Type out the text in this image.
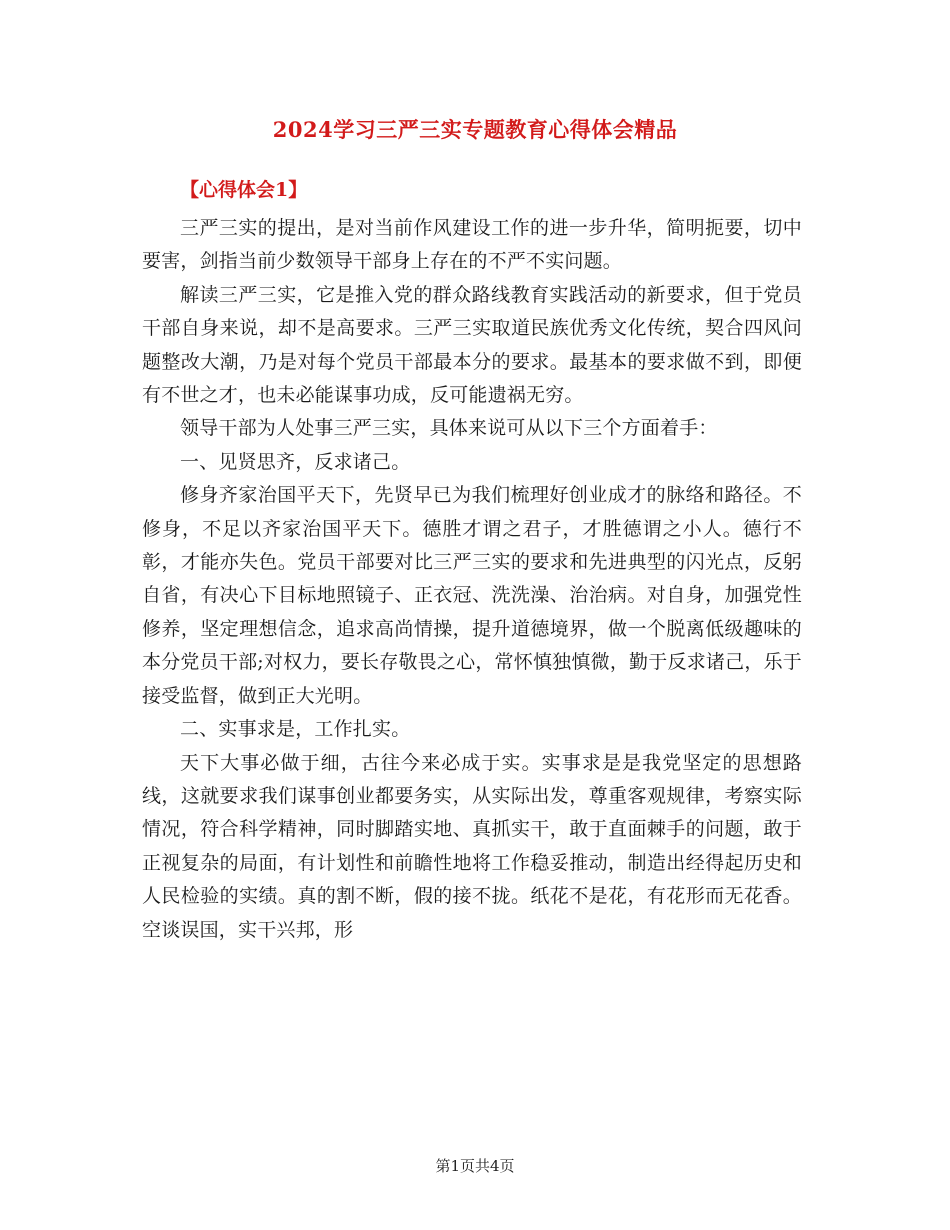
2024学习三严三实专题教育心得体会精品

【心得体会1】

三严三实的提出，是对当前作风建设工作的进一步升华，简明扼要，切中要害，剑指当前少数领导干部身上存在的不严不实问题。

解读三严三实，它是推入党的群众路线教育实践活动的新要求，但于党员干部自身来说，却不是高要求。三严三实取道民族优秀文化传统，契合四风问题整改大潮，乃是对每个党员干部最本分的要求。最基本的要求做不到，即便有不世之才，也未必能谋事功成，反可能遗祸无穷。

领导干部为人处事三严三实，具体来说可从以下三个方面着手：

一、见贤思齐，反求诸己。

修身齐家治国平天下，先贤早已为我们梳理好创业成才的脉络和路径。不修身，不足以齐家治国平天下。德胜才谓之君子，才胜德谓之小人。德行不彰，才能亦失色。党员干部要对比三严三实的要求和先进典型的闪光点，反躬自省，有决心下目标地照镜子、正衣冠、洗洗澡、治治病。对自身，加强党性修养，坚定理想信念，追求高尚情操，提升道德境界，做一个脱离低级趣味的本分党员干部;对权力，要长存敬畏之心，常怀慎独慎微，勤于反求诸己，乐于接受监督，做到正大光明。

二、实事求是，工作扎实。

天下大事必做于细，古往今来必成于实。实事求是是我党坚定的思想路线，这就要求我们谋事创业都要务实，从实际出发，尊重客观规律，考察实际情况，符合科学精神，同时脚踏实地、真抓实干，敢于直面棘手的问题，敢于正视复杂的局面，有计划性和前瞻性地将工作稳妥推动，制造出经得起历史和人民检验的实绩。真的割不断，假的接不拢。纸花不是花，有花形而无花香。空谈误国，实干兴邦，形

第1页共4页
